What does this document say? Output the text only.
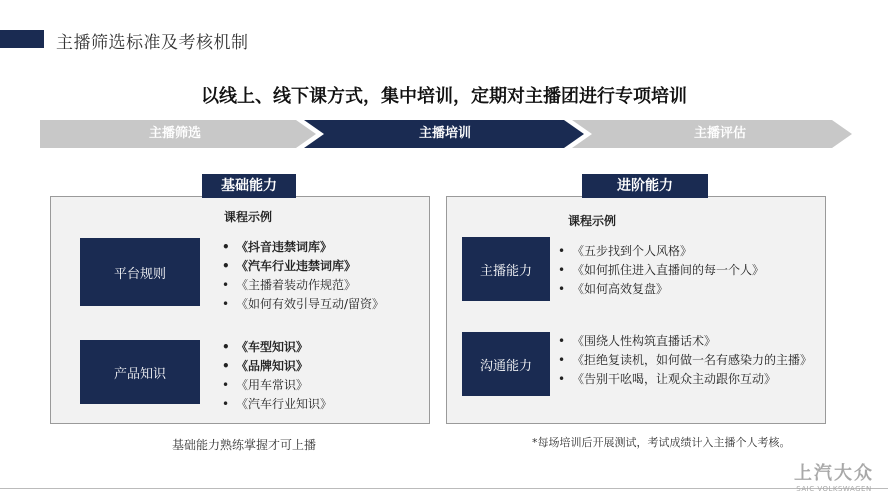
主播筛选标准及考核机制
以线上、线下课方式，集中培训，定期对主播团进行专项培训
主播筛选	主播培训	主播评估
基础能力	进阶能力
课程示例	课程示例
平台规则
产品知识
主播能力
沟通能力
• 《抖音违禁词库》
• 《汽车行业违禁词库》
• 《主播着装动作规范》
• 《如何有效引导互动/留资》
• 《车型知识》
• 《品牌知识》
• 《用车常识》
• 《汽车行业知识》
• 《五步找到个人风格》
• 《如何抓住进入直播间的每一个人》
• 《如何高效复盘》
• 《围绕人性构筑直播话术》
• 《拒绝复读机，如何做一名有感染力的主播》
• 《告别干吆喝，让观众主动跟你互动》
基础能力熟练掌握才可上播	*每场培训后开展测试，考试成绩计入主播个人考核。
上汽大众
SAIC VOLKSWAGEN
